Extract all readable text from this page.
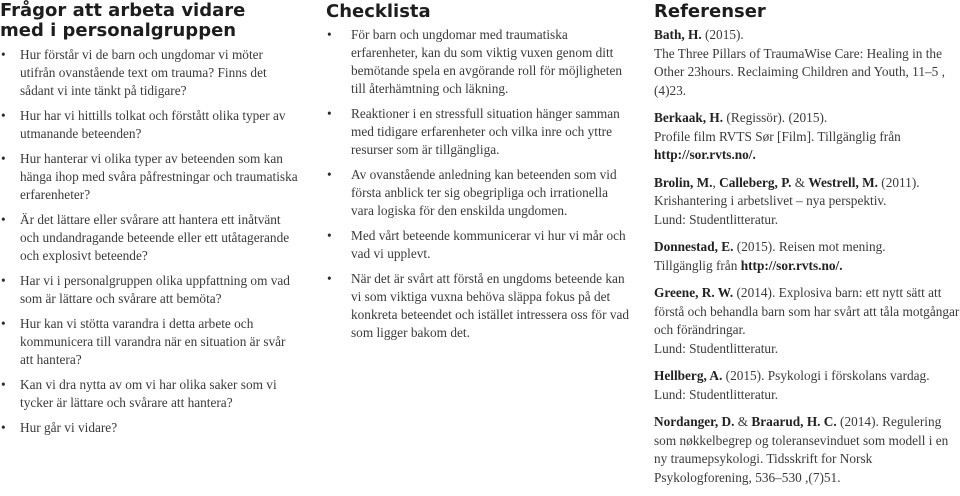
Frågor att arbeta vidare
med i personalgruppen
• Hur förstår vi de barn och ungdomar vi möter utifrån ovanstående text om trauma? Finns det sådant vi inte tänkt på tidigare?
• Hur har vi hittills tolkat och förstått olika typer av utmanande beteenden?
• Hur hanterar vi olika typer av beteenden som kan hänga ihop med svåra påfrestningar och traumatiska erfarenheter?
• Är det lättare eller svårare att hantera ett inåtvänt och undandragande beteende eller ett utåtagerande och explosivt beteende?
• Har vi i personalgruppen olika uppfattning om vad som är lättare och svårare att bemöta?
• Hur kan vi stötta varandra i detta arbete och kommunicera till varandra när en situation är svår att hantera?
• Kan vi dra nytta av om vi har olika saker som vi tycker är lättare och svårare att hantera?
• Hur går vi vidare?
Checklista
• För barn och ungdomar med traumatiska erfarenheter, kan du som viktig vuxen genom ditt bemötande spela en avgörande roll för möjligheten till återhämtning och läkning.
• Reaktioner i en stressfull situation hänger samman med tidigare erfarenheter och vilka inre och yttre resurser som är tillgängliga.
• Av ovanstående anledning kan beteenden som vid första anblick ter sig obegripliga och irrationella vara logiska för den enskilda ungdomen.
• Med vårt beteende kommunicerar vi hur vi mår och vad vi upplevt.
• När det är svårt att förstå en ungdoms beteende kan vi som viktiga vuxna behöva släppa fokus på det konkreta beteendet och istället intressera oss för vad som ligger bakom det.
Referenser
Bath, H. (2015).
The Three Pillars of TraumaWise Care: Healing in the Other 23hours. Reclaiming Children and Youth, 11–5 ,(4)23.
Berkaak, H. (Regissör). (2015).
Profile film RVTS Sør [Film]. Tillgänglig från
http://sor.rvts.no/.
Brolin, M., Calleberg, P. & Westrell, M. (2011).
Krishantering i arbetslivet – nya perspektiv.
Lund: Studentlitteratur.
Donnestad, E. (2015). Reisen mot mening.
Tillgänglig från http://sor.rvts.no/.
Greene, R. W. (2014). Explosiva barn: ett nytt sätt att förstå och behandla barn som har svårt att tåla motgångar och förändringar.
Lund: Studentlitteratur.
Hellberg, A. (2015). Psykologi i förskolans vardag.
Lund: Studentlitteratur.
Nordanger, D. & Braarud, H. C. (2014). Regulering som nøkkelbegrep og toleransevinduet som modell i en ny traumepsykologi. Tidsskrift for Norsk Psykologforening, 536–530 ,(7)51.
